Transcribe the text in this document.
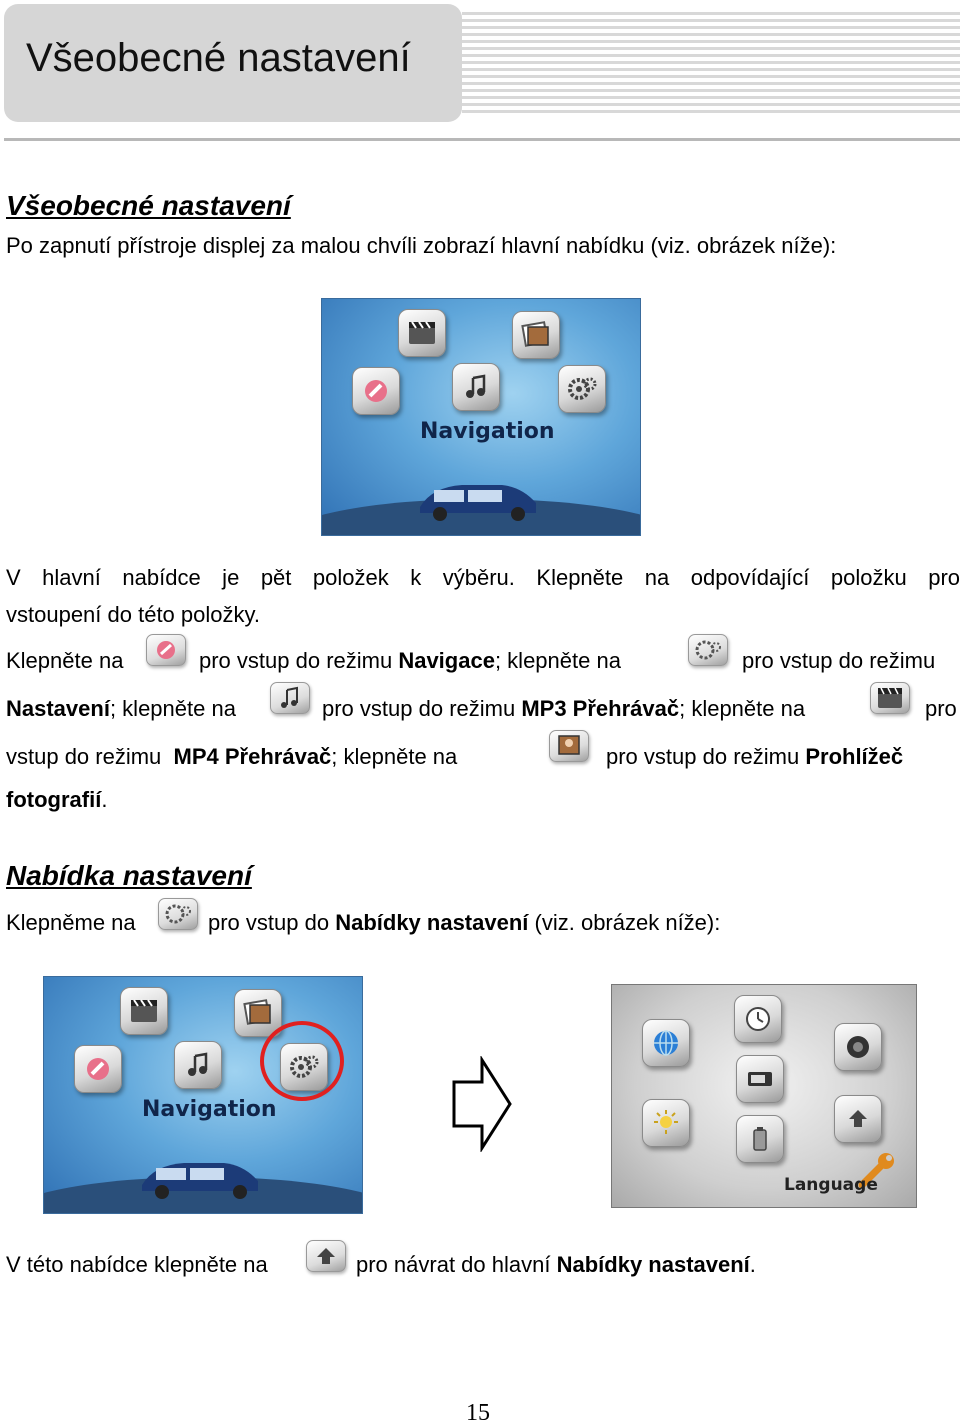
Všeobecné nastavení
Všeobecné nastavení
Po zapnutí přístroje displej za malou chvíli zobrazí hlavní nabídku (viz. obrázek níže):
Navigation
V hlavní nabídce je pět položek k výběru. Klepněte na odpovídající položku pro
vstoupení do této položky.
Klepněte na	pro vstup do režimu Navigace; klepněte na	pro vstup do režimu
Nastavení; klepněte na	pro vstup do režimu MP3 Přehrávač; klepněte na	pro
vstup do režimu MP4 Přehrávač; klepněte na	pro vstup do režimu Prohlížeč
fotografií.
Nabídka nastavení
Klepněme na	pro vstup do Nabídky nastavení (viz. obrázek níže):
Navigation
Language
V této nabídce klepněte na	pro návrat do hlavní Nabídky nastavení.
15
